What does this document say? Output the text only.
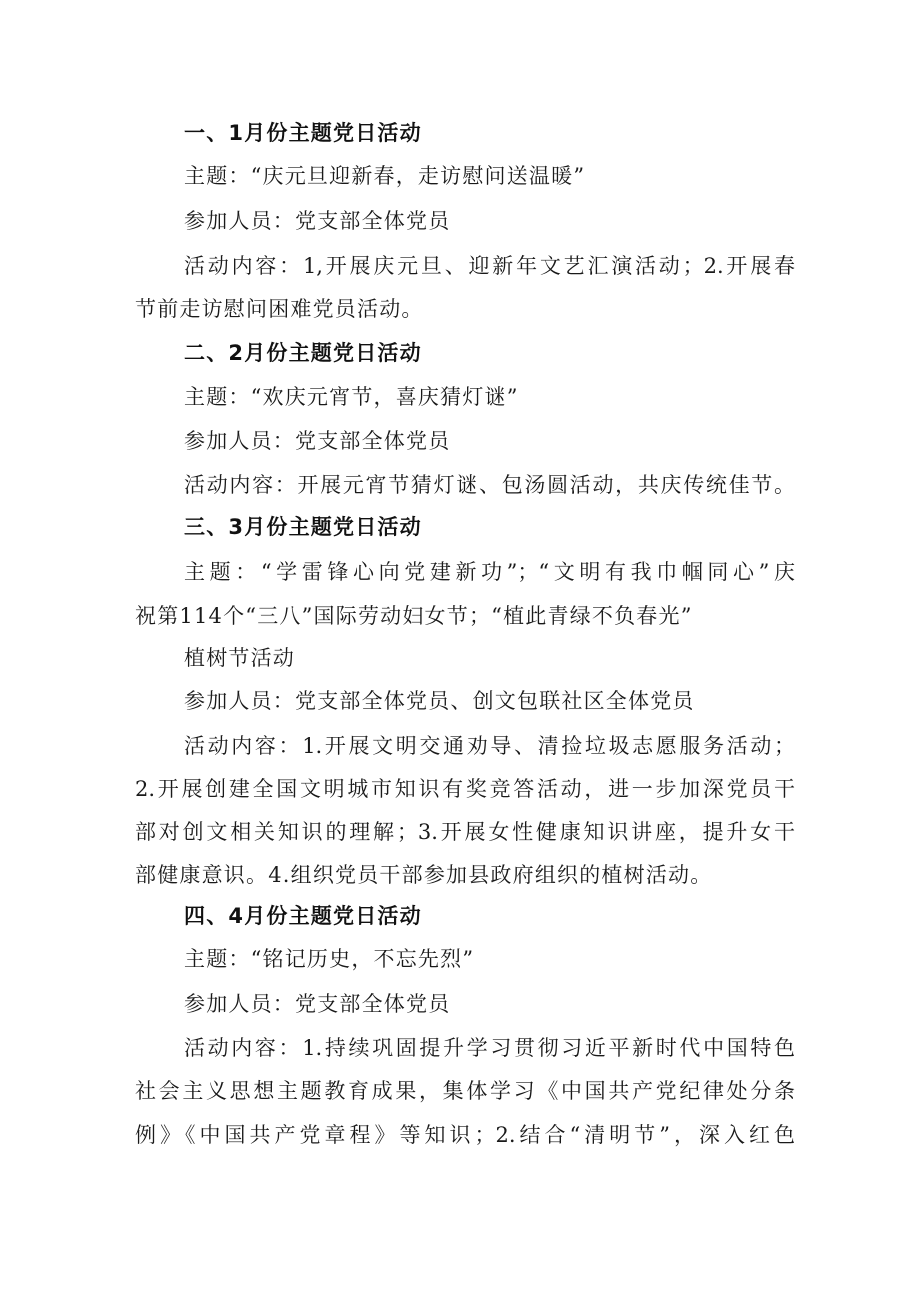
一、1月份主题党日活动
主题：“庆元旦迎新春，走访慰问送温暖”
参加人员：党支部全体党员
活动内容：1,开展庆元旦、迎新年文艺汇演活动；2.开展春
节前走访慰问困难党员活动。
二、2月份主题党日活动
主题：“欢庆元宵节，喜庆猜灯谜”
参加人员：党支部全体党员
活动内容：开展元宵节猜灯谜、包汤圆活动，共庆传统佳节。
三、3月份主题党日活动
主题：“学雷锋心向党建新功”；“文明有我巾帼同心”庆
祝第114个“三八”国际劳动妇女节；“植此青绿不负春光”
植树节活动
参加人员：党支部全体党员、创文包联社区全体党员
活动内容：1.开展文明交通劝导、清捡垃圾志愿服务活动；
2.开展创建全国文明城市知识有奖竞答活动，进一步加深党员干
部对创文相关知识的理解；3.开展女性健康知识讲座，提升女干
部健康意识。4.组织党员干部参加县政府组织的植树活动。
四、4月份主题党日活动
主题：“铭记历史，不忘先烈”
参加人员：党支部全体党员
活动内容：1.持续巩固提升学习贯彻习近平新时代中国特色
社会主义思想主题教育成果，集体学习《中国共产党纪律处分条
例》《中国共产党章程》等知识；2.结合“清明节”，深入红色
